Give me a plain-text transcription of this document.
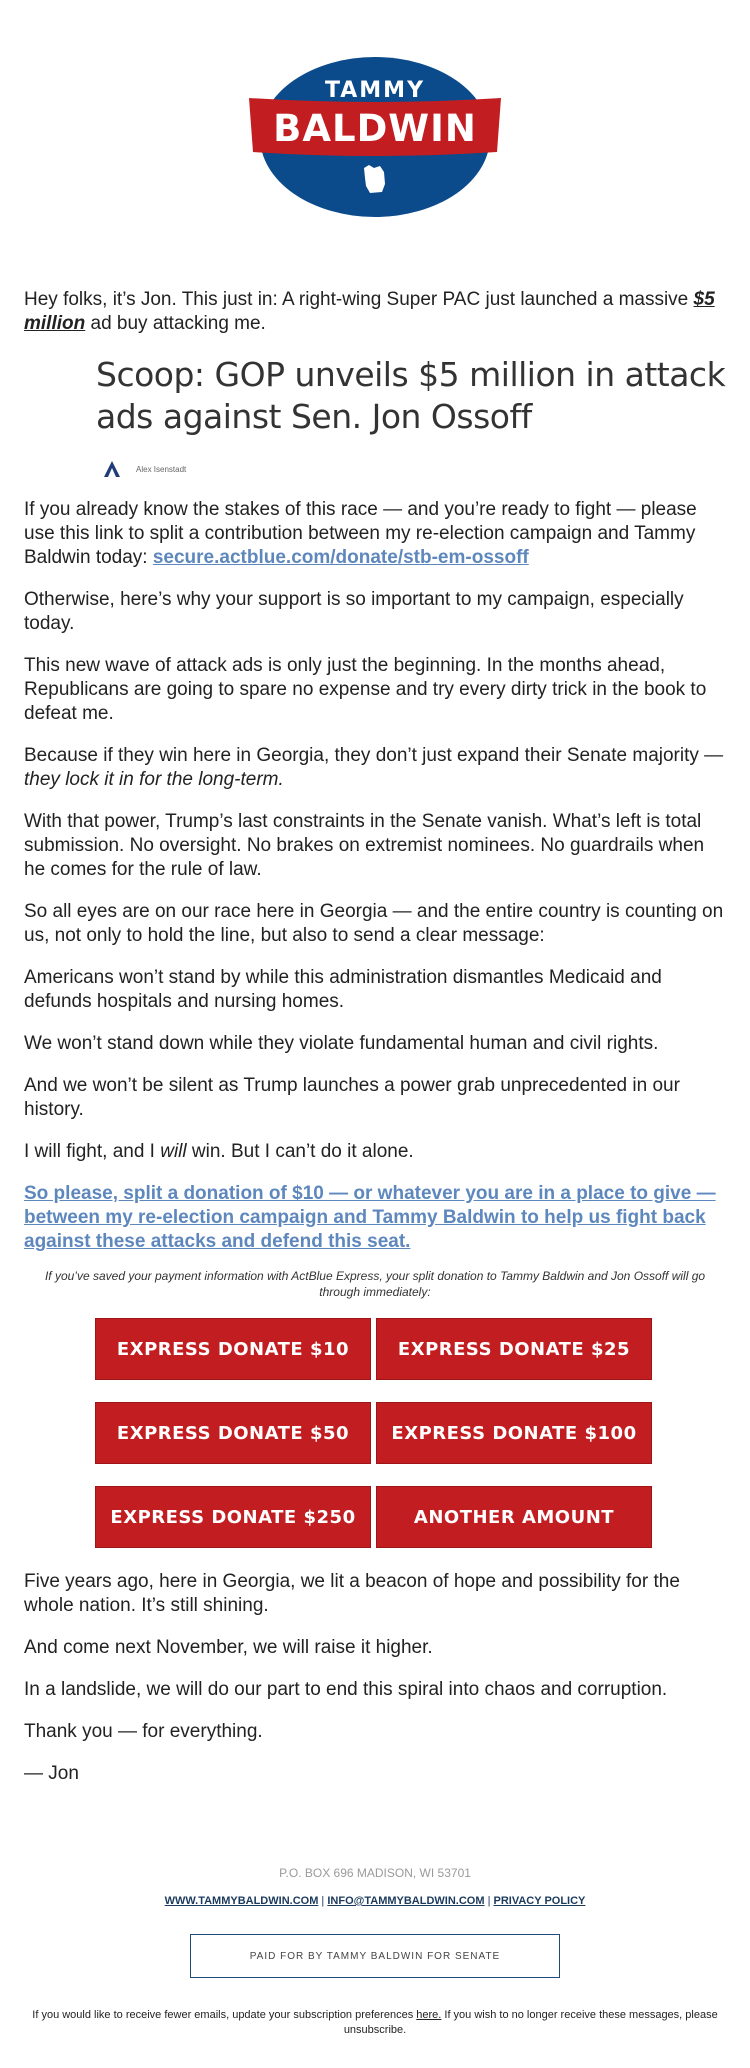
TAMMY
BALDWIN

Hey folks, it’s Jon. This just in: A right-wing Super PAC just launched a massive $5 million ad buy attacking me.

Scoop: GOP unveils $5 million in attack ads against Sen. Jon Ossoff

Alex Isenstadt

If you already know the stakes of this race — and you’re ready to fight — please use this link to split a contribution between my re-election campaign and Tammy Baldwin today: secure.actblue.com/donate/stb-em-ossoff

Otherwise, here’s why your support is so important to my campaign, especially today.

This new wave of attack ads is only just the beginning. In the months ahead, Republicans are going to spare no expense and try every dirty trick in the book to defeat me.

Because if they win here in Georgia, they don’t just expand their Senate majority — they lock it in for the long-term.

With that power, Trump’s last constraints in the Senate vanish. What’s left is total submission. No oversight. No brakes on extremist nominees. No guardrails when he comes for the rule of law.

So all eyes are on our race here in Georgia — and the entire country is counting on us, not only to hold the line, but also to send a clear message:

Americans won’t stand by while this administration dismantles Medicaid and defunds hospitals and nursing homes.

We won’t stand down while they violate fundamental human and civil rights.

And we won’t be silent as Trump launches a power grab unprecedented in our history.

I will fight, and I will win. But I can’t do it alone.

So please, split a donation of $10 — or whatever you are in a place to give — between my re-election campaign and Tammy Baldwin to help us fight back against these attacks and defend this seat.

If you’ve saved your payment information with ActBlue Express, your split donation to Tammy Baldwin and Jon Ossoff will go through immediately:

EXPRESS DONATE $10	EXPRESS DONATE $25
EXPRESS DONATE $50	EXPRESS DONATE $100
EXPRESS DONATE $250	ANOTHER AMOUNT

Five years ago, here in Georgia, we lit a beacon of hope and possibility for the whole nation. It’s still shining.

And come next November, we will raise it higher.

In a landslide, we will do our part to end this spiral into chaos and corruption.

Thank you — for everything.

— Jon

P.O. BOX 696 MADISON, WI 53701
WWW.TAMMYBALDWIN.COM | INFO@TAMMYBALDWIN.COM | PRIVACY POLICY
PAID FOR BY TAMMY BALDWIN FOR SENATE
If you would like to receive fewer emails, update your subscription preferences here. If you wish to no longer receive these messages, please unsubscribe.
